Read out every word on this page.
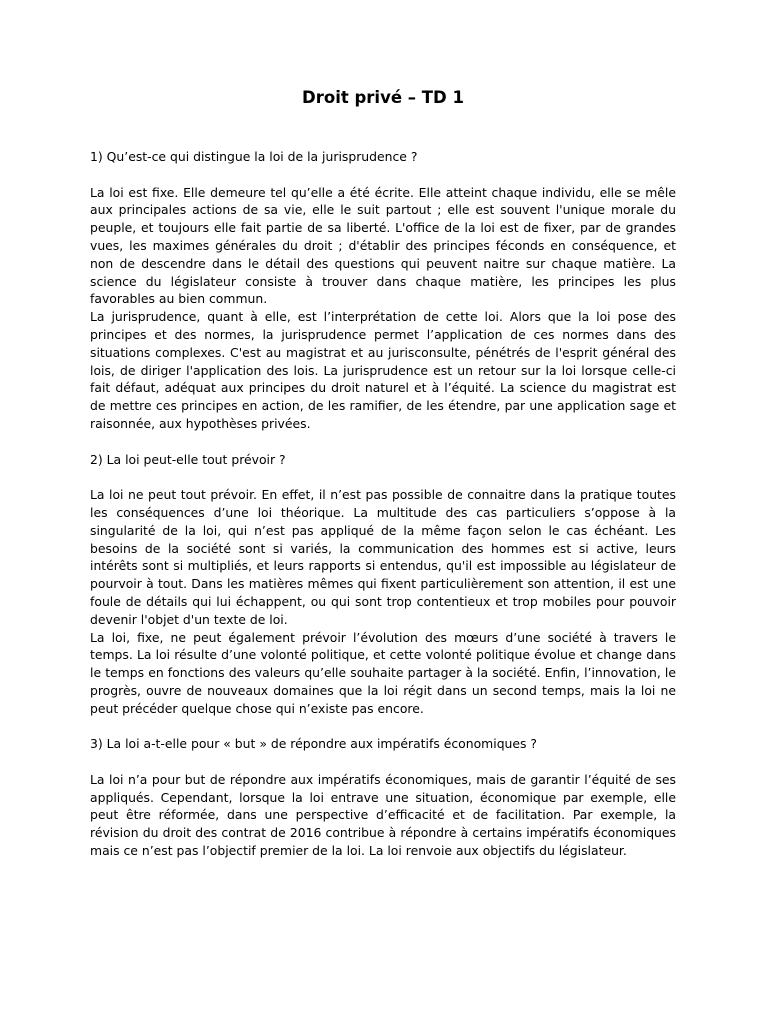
Droit privé – TD 1

1) Qu’est-ce qui distingue la loi de la jurisprudence ?

La loi est fixe. Elle demeure tel qu’elle a été écrite. Elle atteint chaque individu, elle se mêle aux principales actions de sa vie, elle le suit partout ; elle est souvent l'unique morale du peuple, et toujours elle fait partie de sa liberté. L'office de la loi est de fixer, par de grandes vues, les maximes générales du droit ; d'établir des principes féconds en conséquence, et non de descendre dans le détail des questions qui peuvent naitre sur chaque matière. La science du législateur consiste à trouver dans chaque matière, les principes les plus favorables au bien commun.

La jurisprudence, quant à elle, est l’interprétation de cette loi. Alors que la loi pose des principes et des normes, la jurisprudence permet l’application de ces normes dans des situations complexes. C'est au magistrat et au jurisconsulte, pénétrés de l'esprit général des lois, de diriger l'application des lois. La jurisprudence est un retour sur la loi lorsque celle-ci fait défaut, adéquat aux principes du droit naturel et à l’équité. La science du magistrat est de mettre ces principes en action, de les ramifier, de les étendre, par une application sage et raisonnée, aux hypothèses privées.

2) La loi peut-elle tout prévoir ?

La loi ne peut tout prévoir. En effet, il n’est pas possible de connaitre dans la pratique toutes les conséquences d’une loi théorique. La multitude des cas particuliers s’oppose à la singularité de la loi, qui n’est pas appliqué de la même façon selon le cas échéant. Les besoins de la société sont si variés, la communication des hommes est si active, leurs intérêts sont si multipliés, et leurs rapports si entendus, qu'il est impossible au législateur de pourvoir à tout. Dans les matières mêmes qui fixent particulièrement son attention, il est une foule de détails qui lui échappent, ou qui sont trop contentieux et trop mobiles pour pouvoir devenir l'objet d'un texte de loi.

La loi, fixe, ne peut également prévoir l’évolution des mœurs d’une société à travers le temps. La loi résulte d’une volonté politique, et cette volonté politique évolue et change dans le temps en fonctions des valeurs qu’elle souhaite partager à la société. Enfin, l’innovation, le progrès, ouvre de nouveaux domaines que la loi régit dans un second temps, mais la loi ne peut précéder quelque chose qui n’existe pas encore.

3) La loi a-t-elle pour « but » de répondre aux impératifs économiques ?

La loi n’a pour but de répondre aux impératifs économiques, mais de garantir l’équité de ses appliqués. Cependant, lorsque la loi entrave une situation, économique par exemple, elle peut être réformée, dans une perspective d’efficacité et de facilitation. Par exemple, la révision du droit des contrat de 2016 contribue à répondre à certains impératifs économiques mais ce n’est pas l’objectif premier de la loi. La loi renvoie aux objectifs du législateur.
